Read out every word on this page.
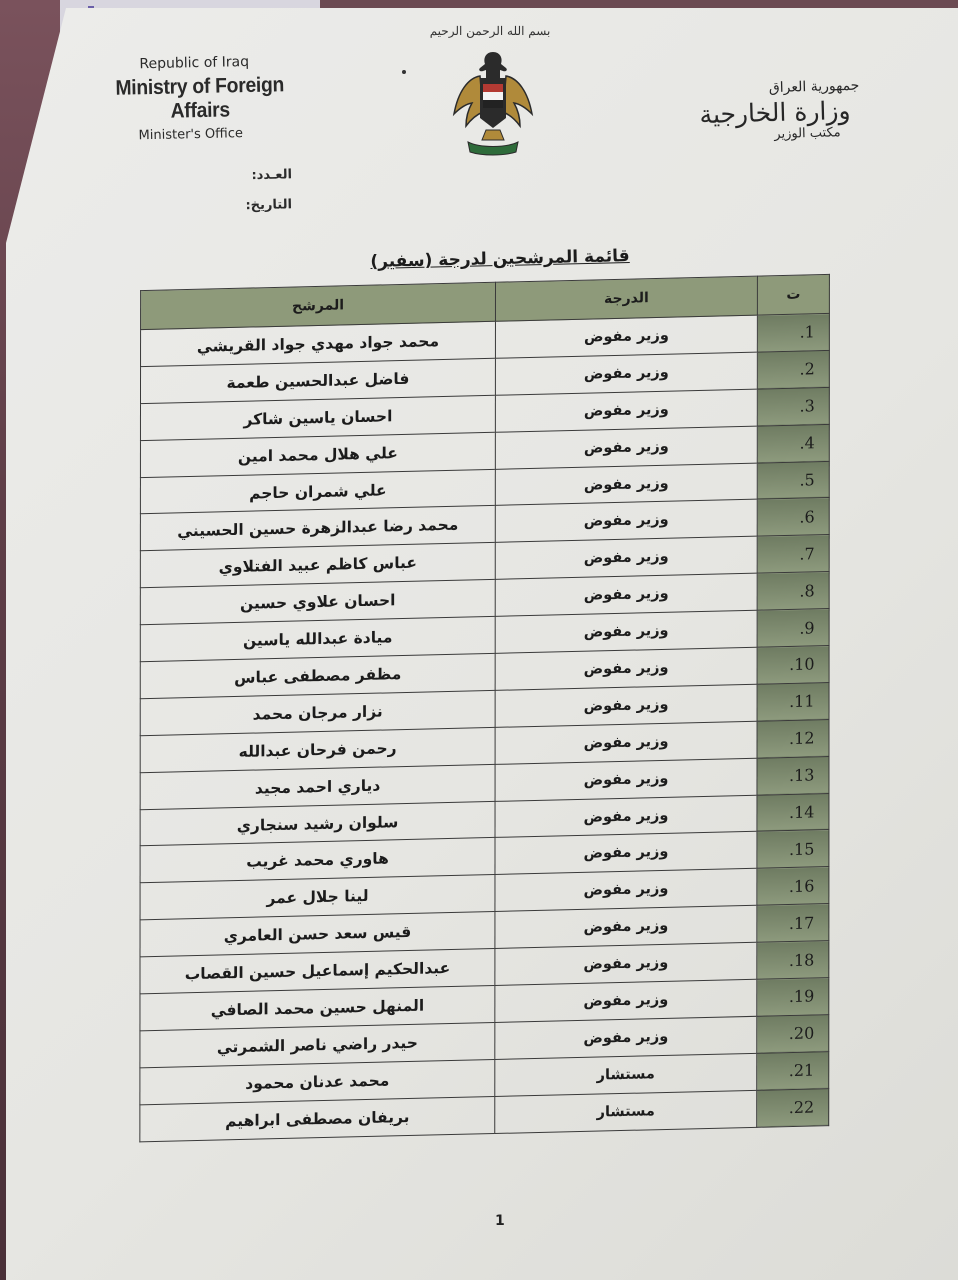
Republic of Iraq
Ministry of Foreign Affairs
Minister's Office
بسم الله الرحمن الرحيم
جمهورية العراق
وزارة الخارجية
مكتب الوزير
العـدد:
التاريخ:
قائمة المرشحين لدرجة (سفير)
ت	الدرجة	المرشح
1.	وزير مفوض	محمد جواد مهدي جواد القريشي
2.	وزير مفوض	فاضل عبدالحسين طعمة
3.	وزير مفوض	احسان ياسين شاكر
4.	وزير مفوض	علي هلال محمد امين
5.	وزير مفوض	علي شمران حاجم
6.	وزير مفوض	محمد رضا عبدالزهرة حسين الحسيني
7.	وزير مفوض	عباس كاظم عبيد الفتلاوي
8.	وزير مفوض	احسان علاوي حسين
9.	وزير مفوض	ميادة عبدالله ياسين
10.	وزير مفوض	مظفر مصطفى عباس
11.	وزير مفوض	نزار مرجان محمد
12.	وزير مفوض	رحمن فرحان عبدالله
13.	وزير مفوض	دياري احمد مجيد
14.	وزير مفوض	سلوان رشيد سنجاري
15.	وزير مفوض	هاوري محمد غريب
16.	وزير مفوض	لينا جلال عمر
17.	وزير مفوض	قيس سعد حسن العامري
18.	وزير مفوض	عبدالحكيم إسماعيل حسين القصاب
19.	وزير مفوض	المنهل حسين محمد الصافي
20.	وزير مفوض	حيدر راضي ناصر الشمرتي
21.	مستشار	محمد عدنان محمود
22.	مستشار	بريفان مصطفى ابراهيم
1
